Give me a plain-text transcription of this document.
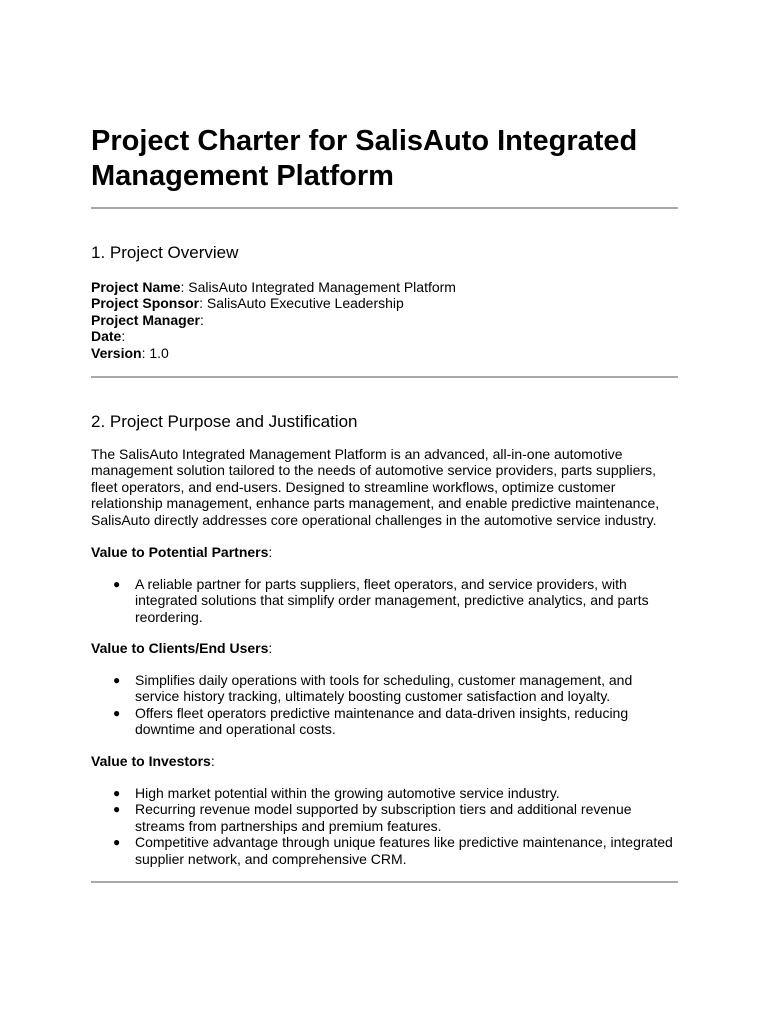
Project Charter for SalisAuto Integrated Management Platform
1. Project Overview
Project Name: SalisAuto Integrated Management Platform
Project Sponsor: SalisAuto Executive Leadership
Project Manager:
Date:
Version: 1.0
2. Project Purpose and Justification
The SalisAuto Integrated Management Platform is an advanced, all-in-one automotive management solution tailored to the needs of automotive service providers, parts suppliers, fleet operators, and end-users. Designed to streamline workflows, optimize customer relationship management, enhance parts management, and enable predictive maintenance, SalisAuto directly addresses core operational challenges in the automotive service industry.
Value to Potential Partners:
● A reliable partner for parts suppliers, fleet operators, and service providers, with integrated solutions that simplify order management, predictive analytics, and parts reordering.
Value to Clients/End Users:
● Simplifies daily operations with tools for scheduling, customer management, and service history tracking, ultimately boosting customer satisfaction and loyalty.
● Offers fleet operators predictive maintenance and data-driven insights, reducing downtime and operational costs.
Value to Investors:
● High market potential within the growing automotive service industry.
● Recurring revenue model supported by subscription tiers and additional revenue streams from partnerships and premium features.
● Competitive advantage through unique features like predictive maintenance, integrated supplier network, and comprehensive CRM.
